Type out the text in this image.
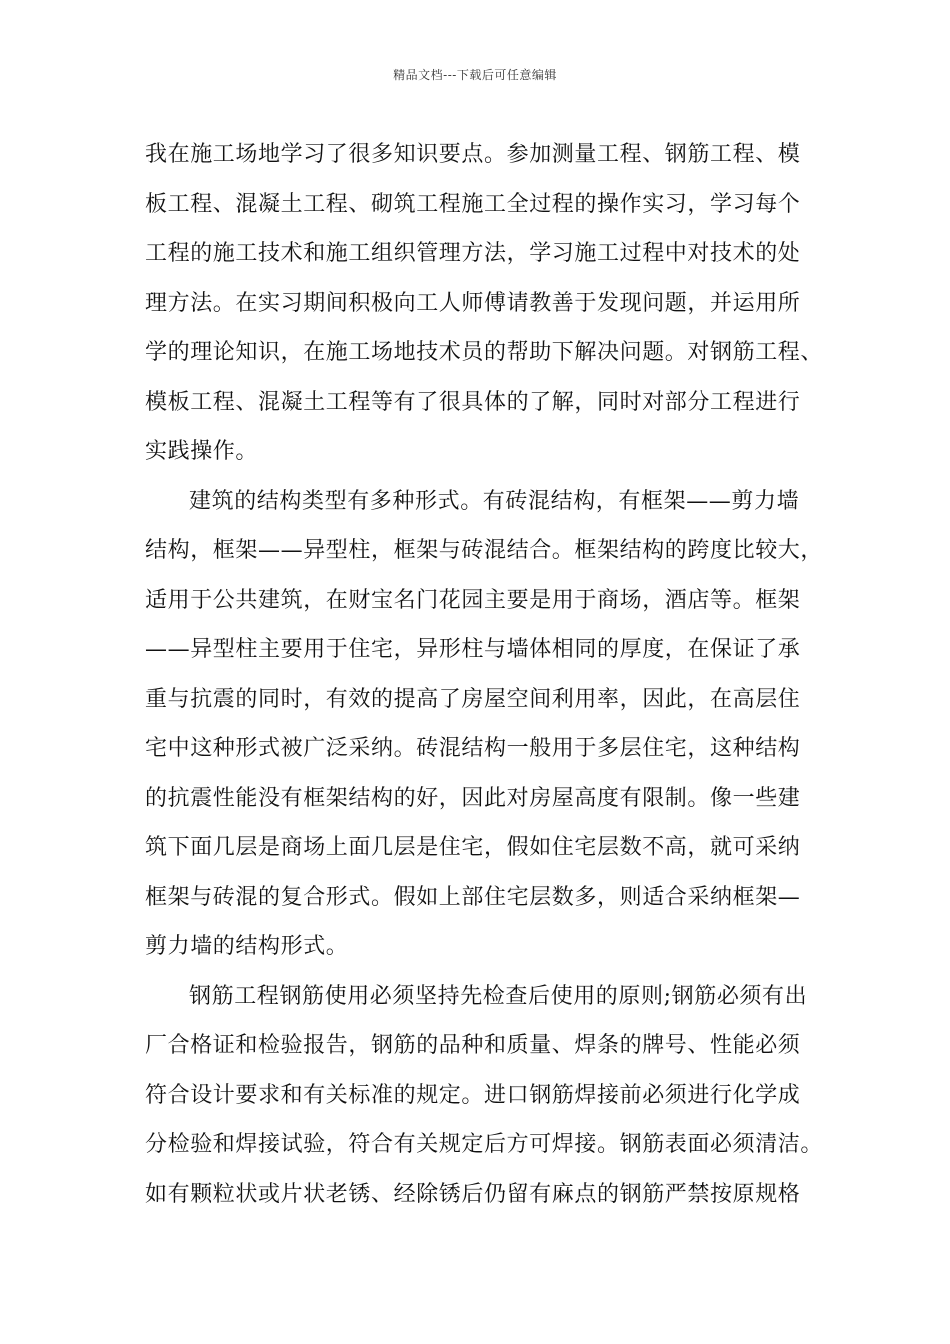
精品文档---下载后可任意编辑
我在施工场地学习了很多知识要点。参加测量工程、钢筋工程、模
板工程、混凝土工程、砌筑工程施工全过程的操作实习，学习每个
工程的施工技术和施工组织管理方法，学习施工过程中对技术的处
理方法。在实习期间积极向工人师傅请教善于发现问题，并运用所
学的理论知识，在施工场地技术员的帮助下解决问题。对钢筋工程、
模板工程、混凝土工程等有了很具体的了解，同时对部分工程进行
实践操作。
建筑的结构类型有多种形式。有砖混结构，有框架——剪力墙
结构，框架——异型柱，框架与砖混结合。框架结构的跨度比较大，
适用于公共建筑，在财宝名门花园主要是用于商场，酒店等。框架
——异型柱主要用于住宅，异形柱与墙体相同的厚度，在保证了承
重与抗震的同时，有效的提高了房屋空间利用率，因此，在高层住
宅中这种形式被广泛采纳。砖混结构一般用于多层住宅，这种结构
的抗震性能没有框架结构的好，因此对房屋高度有限制。像一些建
筑下面几层是商场上面几层是住宅，假如住宅层数不高，就可采纳
框架与砖混的复合形式。假如上部住宅层数多，则适合采纳框架—
剪力墙的结构形式。
钢筋工程钢筋使用必须坚持先检查后使用的原则;钢筋必须有出
厂合格证和检验报告，钢筋的品种和质量、焊条的牌号、性能必须
符合设计要求和有关标准的规定。进口钢筋焊接前必须进行化学成
分检验和焊接试验，符合有关规定后方可焊接。钢筋表面必须清洁。
如有颗粒状或片状老锈、经除锈后仍留有麻点的钢筋严禁按原规格
